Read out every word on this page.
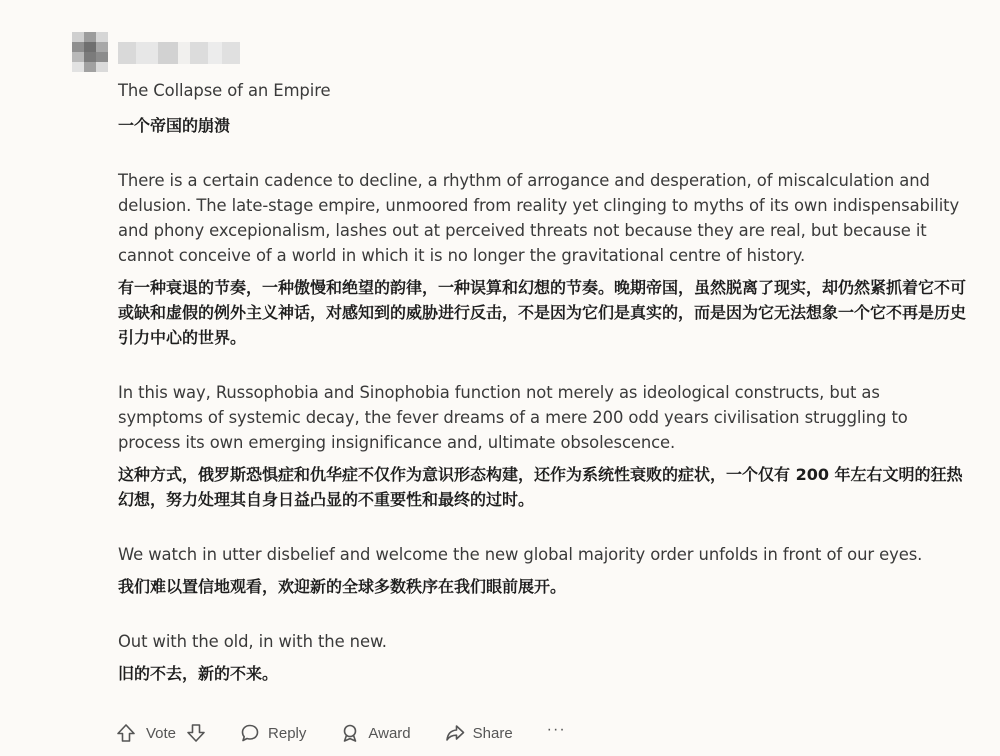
The Collapse of an Empire

一个帝国的崩溃

There is a certain cadence to decline, a rhythm of arrogance and desperation, of miscalculation and delusion. The late-stage empire, unmoored from reality yet clinging to myths of its own indispensability and phony excepionalism, lashes out at perceived threats not because they are real, but because it cannot conceive of a world in which it is no longer the gravitational centre of history.

有一种衰退的节奏，一种傲慢和绝望的韵律，一种误算和幻想的节奏。晚期帝国，虽然脱离了现实，却仍然紧抓着它不可或缺和虚假的例外主义神话，对感知到的威胁进行反击，不是因为它们是真实的，而是因为它无法想象一个它不再是历史引力中心的世界。

In this way, Russophobia and Sinophobia function not merely as ideological constructs, but as symptoms of systemic decay, the fever dreams of a mere 200 odd years civilisation struggling to process its own emerging insignificance and, ultimate obsolescence.

这种方式，俄罗斯恐惧症和仇华症不仅作为意识形态构建，还作为系统性衰败的症状，一个仅有 200 年左右文明的狂热幻想，努力处理其自身日益凸显的不重要性和最终的过时。

We watch in utter disbelief and welcome the new global majority order unfolds in front of our eyes.

我们难以置信地观看，欢迎新的全球多数秩序在我们眼前展开。

Out with the old, in with the new.

旧的不去，新的不来。

Vote	Reply	Award	Share ···
